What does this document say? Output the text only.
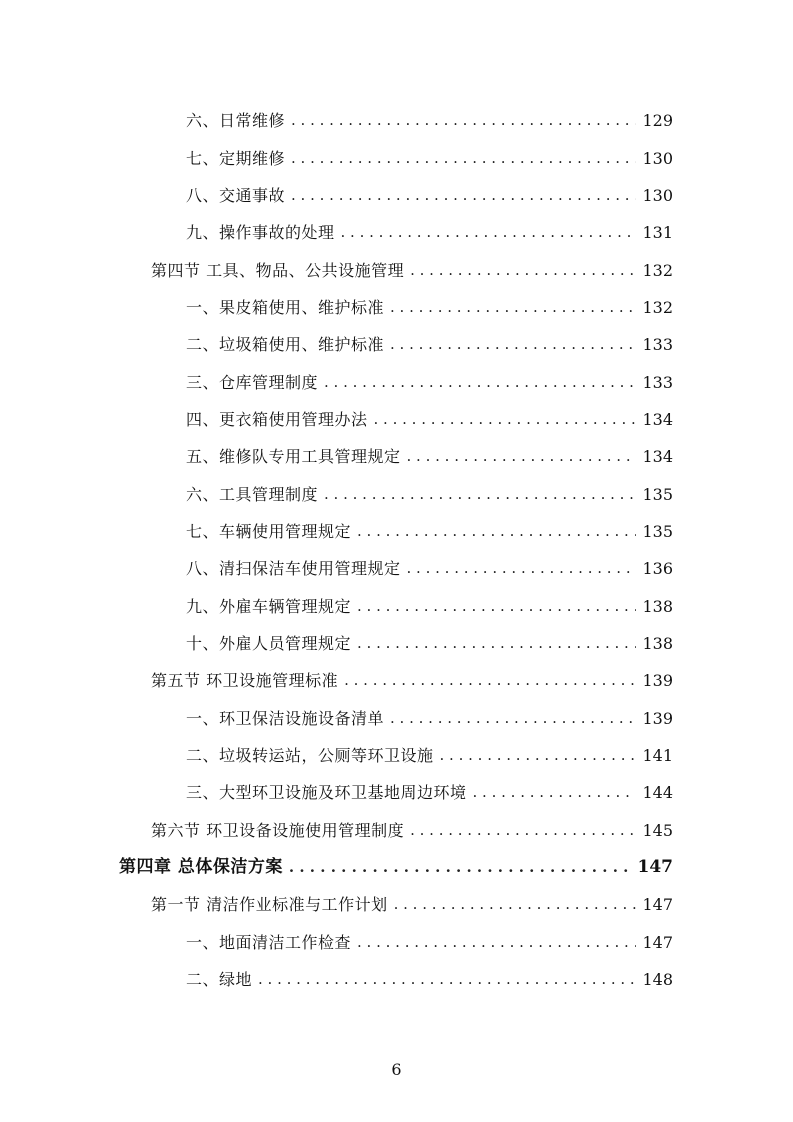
六、日常维修 . . .	129
七、定期维修 . . .	130
八、交通事故 . . .	130
九、操作事故的处理 . . .	131
第四节 工具、物品、公共设施管理 . . .	132
一、果皮箱使用、维护标准 . . .	132
二、垃圾箱使用、维护标准 . . .	133
三、仓库管理制度 . . .	133
四、更衣箱使用管理办法 . . .	134
五、维修队专用工具管理规定 . . .	134
六、工具管理制度 . . .	135
七、车辆使用管理规定 . . .	135
八、清扫保洁车使用管理规定 . . .	136
九、外雇车辆管理规定 . . .	138
十、外雇人员管理规定 . . .	138
第五节 环卫设施管理标准 . . .	139
一、环卫保洁设施设备清单 . . .	139
二、垃圾转运站，公厕等环卫设施 . . .	141
三、大型环卫设施及环卫基地周边环境 . . .	144
第六节 环卫设备设施使用管理制度 . . .	145
第四章 总体保洁方案 . . .	147
第一节 清洁作业标准与工作计划 . . .	147
一、地面清洁工作检查 . . .	147
二、绿地 . . .	148
6
